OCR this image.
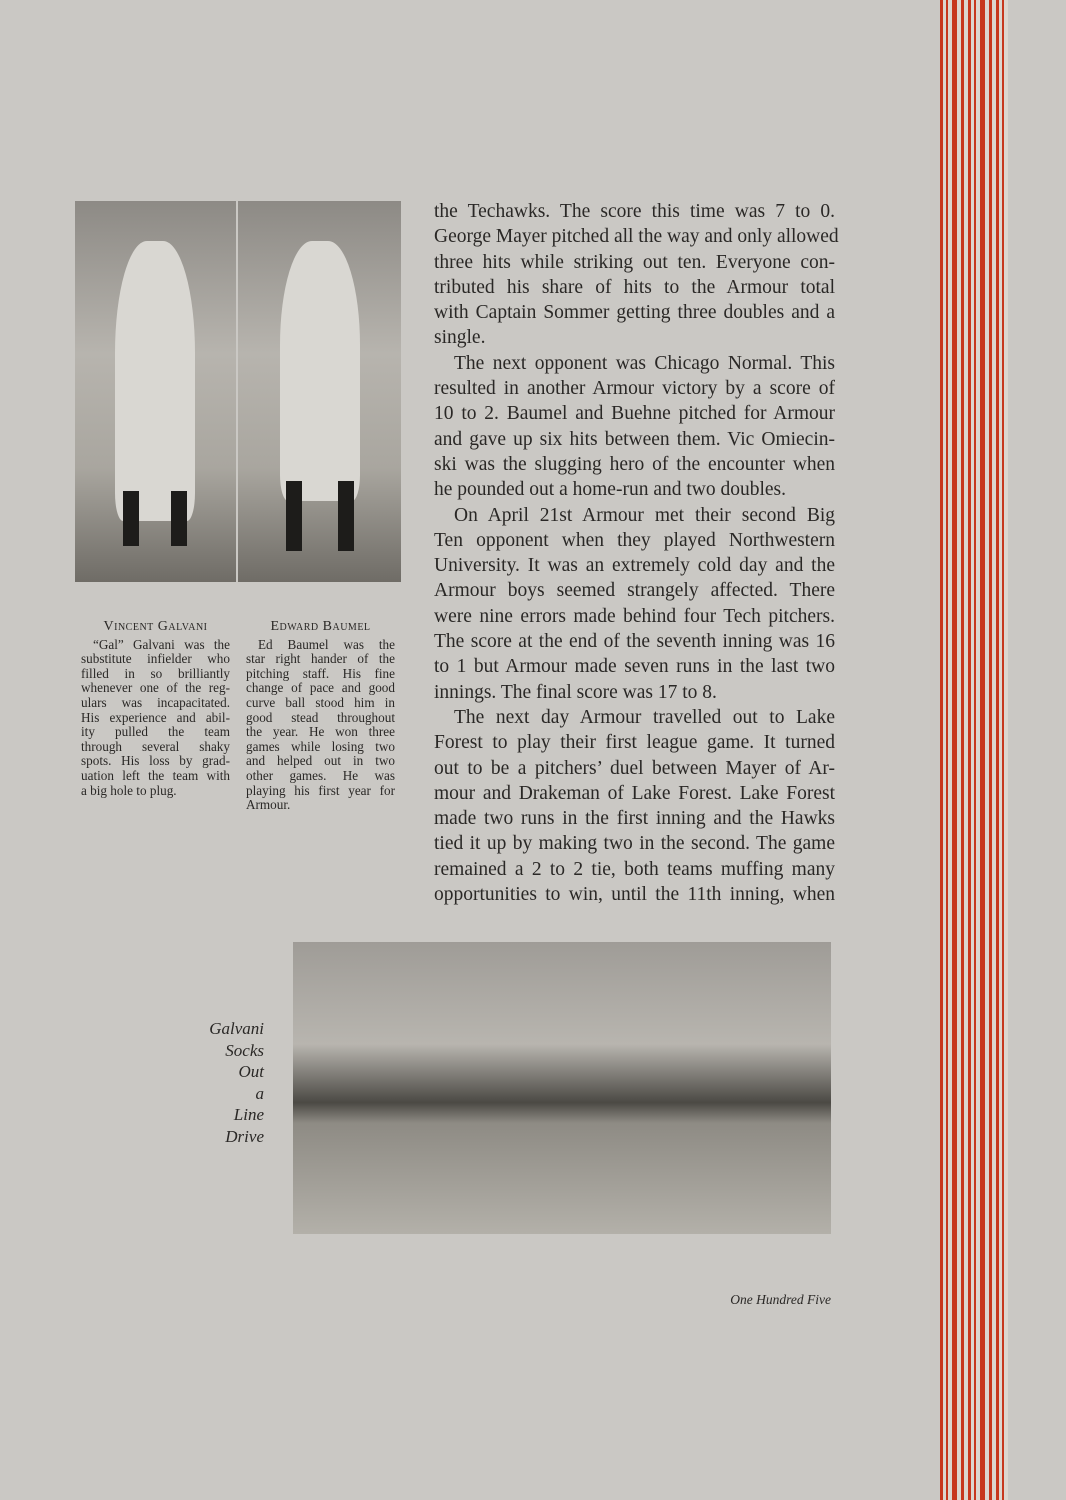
Vincent Galvani
“Gal” Galvani was the
substitute infielder who
filled in so brilliantly
whenever one of the reg-
ulars was incapacitated.
His experience and abil-
ity pulled the team
through several shaky
spots. His loss by grad-
uation left the team with
a big hole to plug.
Edward Baumel
Ed Baumel was the
star right hander of the
pitching staff. His fine
change of pace and good
curve ball stood him in
good stead throughout
the year. He won three
games while losing two
and helped out in two
other games. He was
playing his first year for
Armour.
the Techawks. The score this time was 7 to 0.
George Mayer pitched all the way and only allowed
three hits while striking out ten. Everyone con-
tributed his share of hits to the Armour total
with Captain Sommer getting three doubles and a
single.
The next opponent was Chicago Normal. This
resulted in another Armour victory by a score of
10 to 2. Baumel and Buehne pitched for Armour
and gave up six hits between them. Vic Omiecin-
ski was the slugging hero of the encounter when
he pounded out a home-run and two doubles.
On April 21st Armour met their second Big
Ten opponent when they played Northwestern
University. It was an extremely cold day and the
Armour boys seemed strangely affected. There
were nine errors made behind four Tech pitchers.
The score at the end of the seventh inning was 16
to 1 but Armour made seven runs in the last two
innings. The final score was 17 to 8.
The next day Armour travelled out to Lake
Forest to play their first league game. It turned
out to be a pitchers’ duel between Mayer of Ar-
mour and Drakeman of Lake Forest. Lake Forest
made two runs in the first inning and the Hawks
tied it up by making two in the second. The game
remained a 2 to 2 tie, both teams muffing many
opportunities to win, until the 11th inning, when
Galvani
Socks
Out
a
Line
Drive
One Hundred Five
